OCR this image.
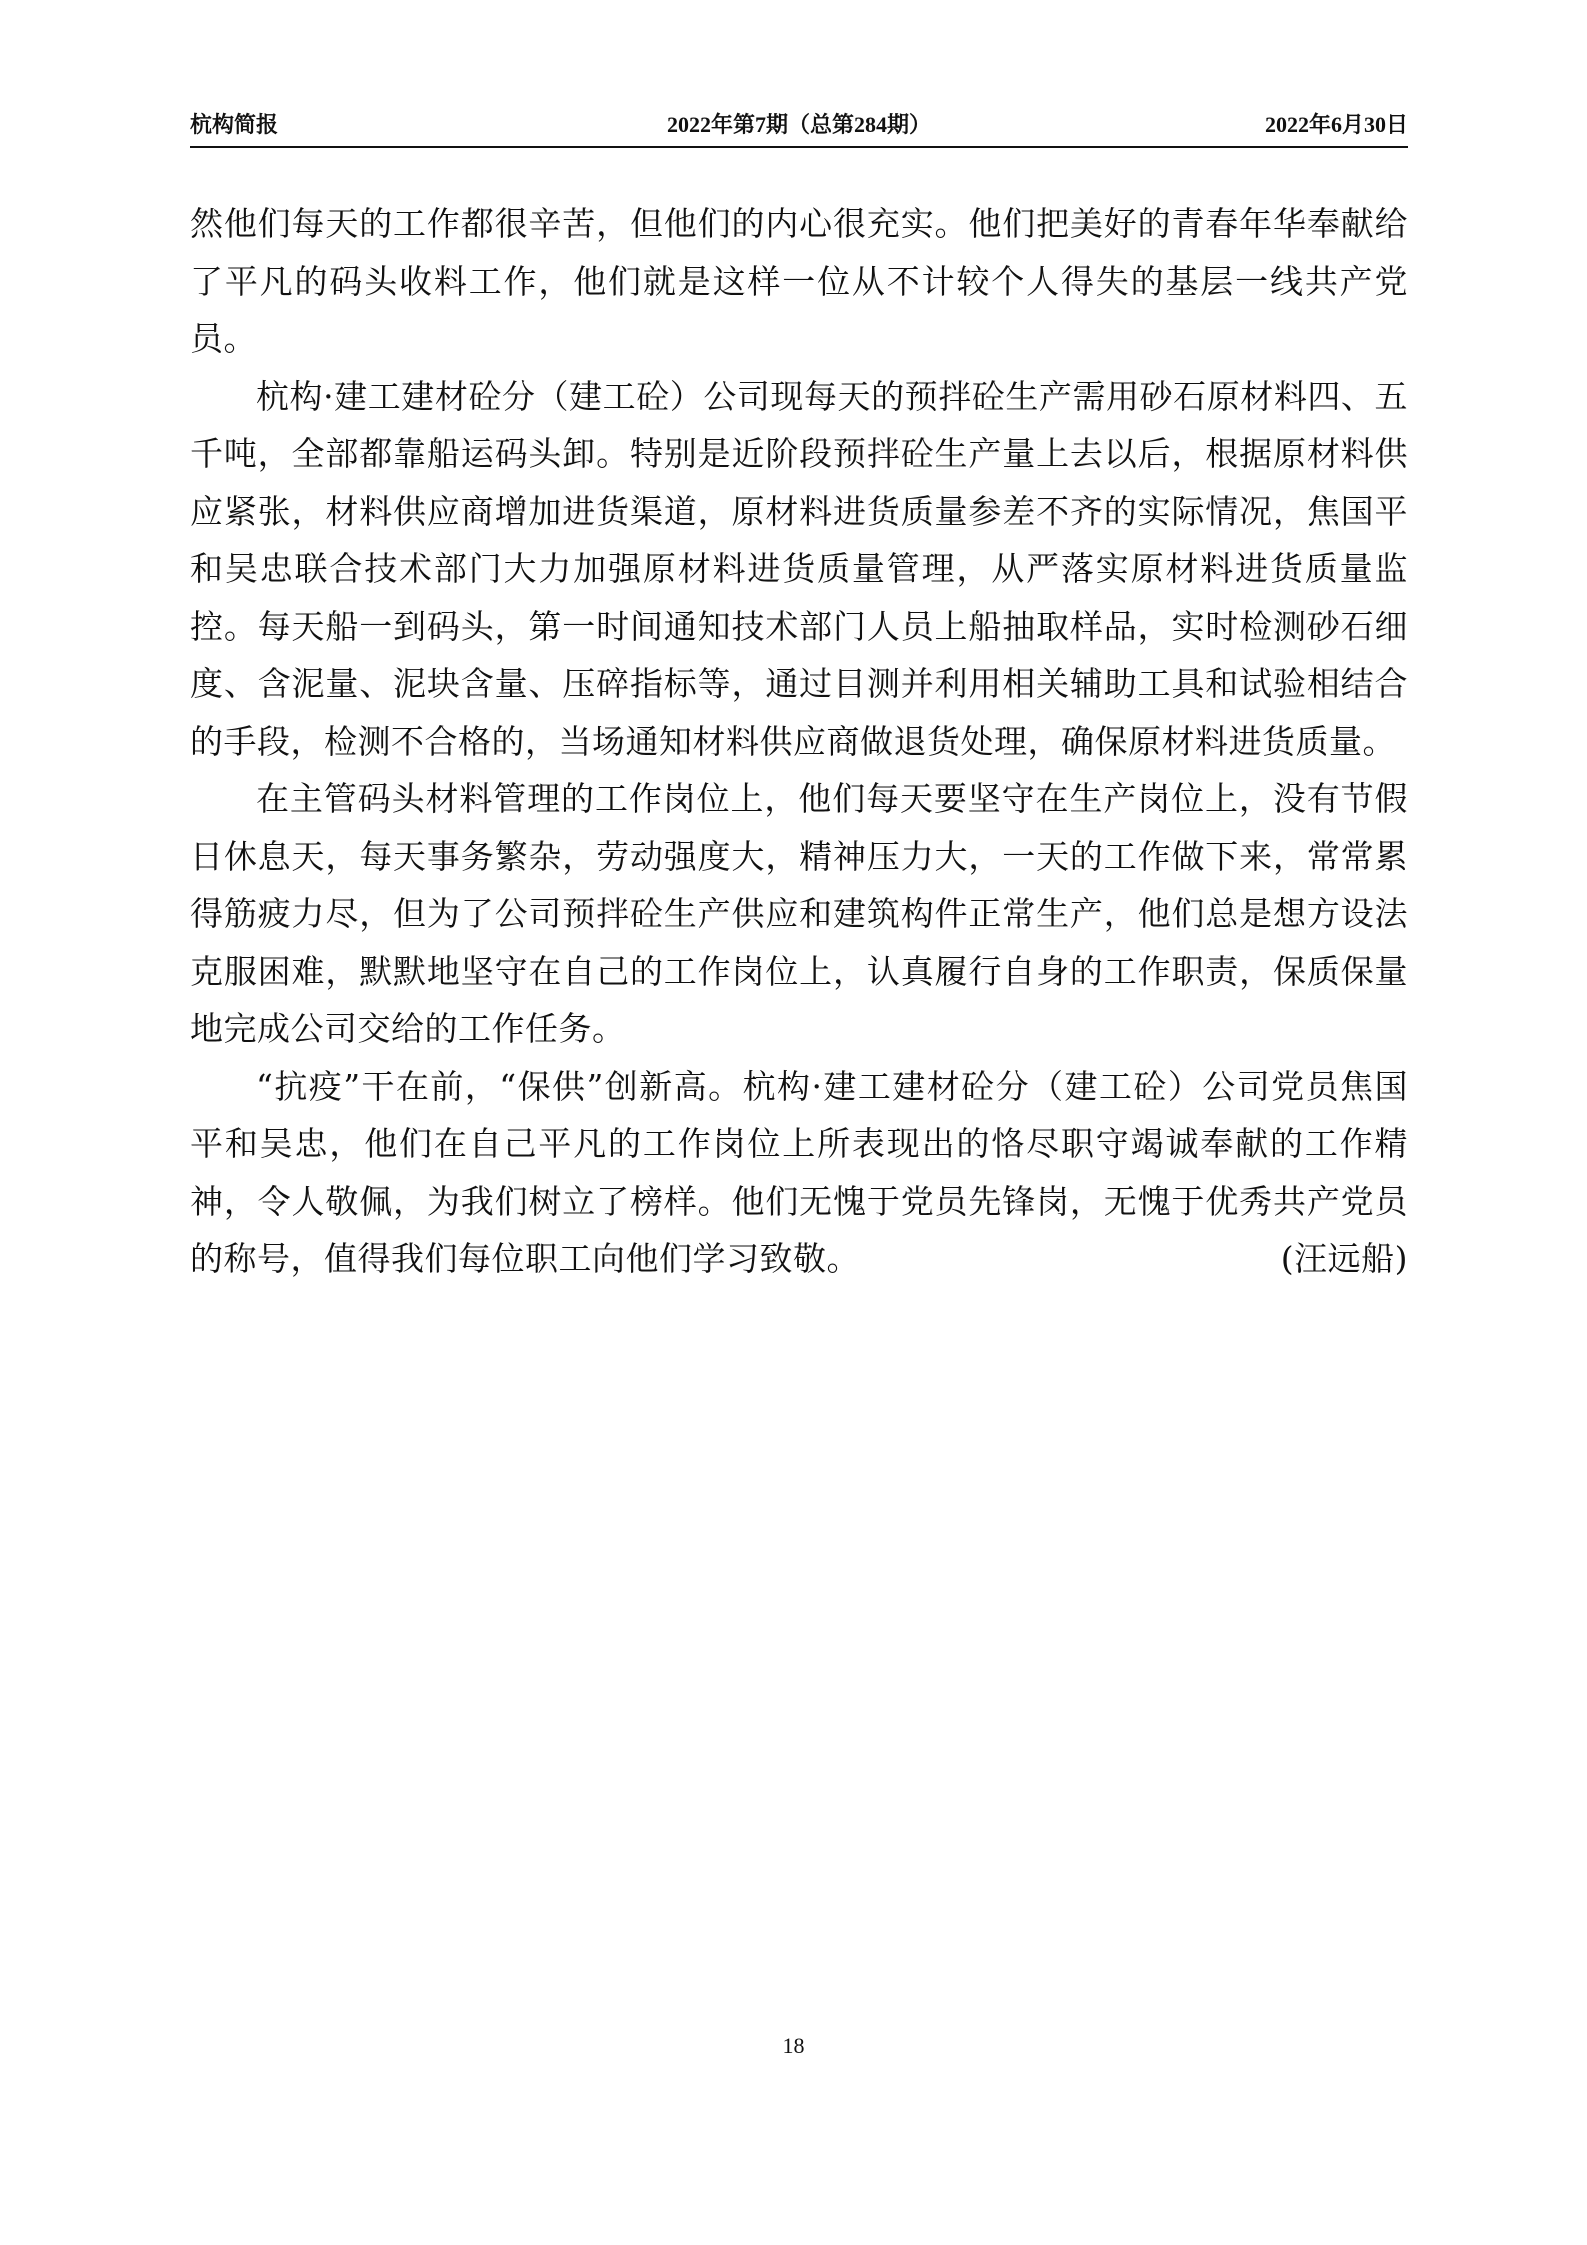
杭构简报	2022年第7期（总第284期）	2022年6月30日

然他们每天的工作都很辛苦，但他们的内心很充实。他们把美好的青春年华奉献给了平凡的码头收料工作，他们就是这样一位从不计较个人得失的基层一线共产党员。

杭构·建工建材砼分（建工砼）公司现每天的预拌砼生产需用砂石原材料四、五千吨，全部都靠船运码头卸。特别是近阶段预拌砼生产量上去以后，根据原材料供应紧张，材料供应商增加进货渠道，原材料进货质量参差不齐的实际情况，焦国平和吴忠联合技术部门大力加强原材料进货质量管理，从严落实原材料进货质量监控。每天船一到码头，第一时间通知技术部门人员上船抽取样品，实时检测砂石细度、含泥量、泥块含量、压碎指标等，通过目测并利用相关辅助工具和试验相结合的手段，检测不合格的，当场通知材料供应商做退货处理，确保原材料进货质量。

在主管码头材料管理的工作岗位上，他们每天要坚守在生产岗位上，没有节假日休息天，每天事务繁杂，劳动强度大，精神压力大，一天的工作做下来，常常累得筋疲力尽，但为了公司预拌砼生产供应和建筑构件正常生产，他们总是想方设法克服困难，默默地坚守在自己的工作岗位上，认真履行自身的工作职责，保质保量地完成公司交给的工作任务。

“抗疫”干在前，“保供”创新高。杭构·建工建材砼分（建工砼）公司党员焦国平和吴忠，他们在自己平凡的工作岗位上所表现出的恪尽职守竭诚奉献的工作精神，令人敬佩，为我们树立了榜样。他们无愧于党员先锋岗，无愧于优秀共产党员的称号，值得我们每位职工向他们学习致敬。	(汪远船)

18
